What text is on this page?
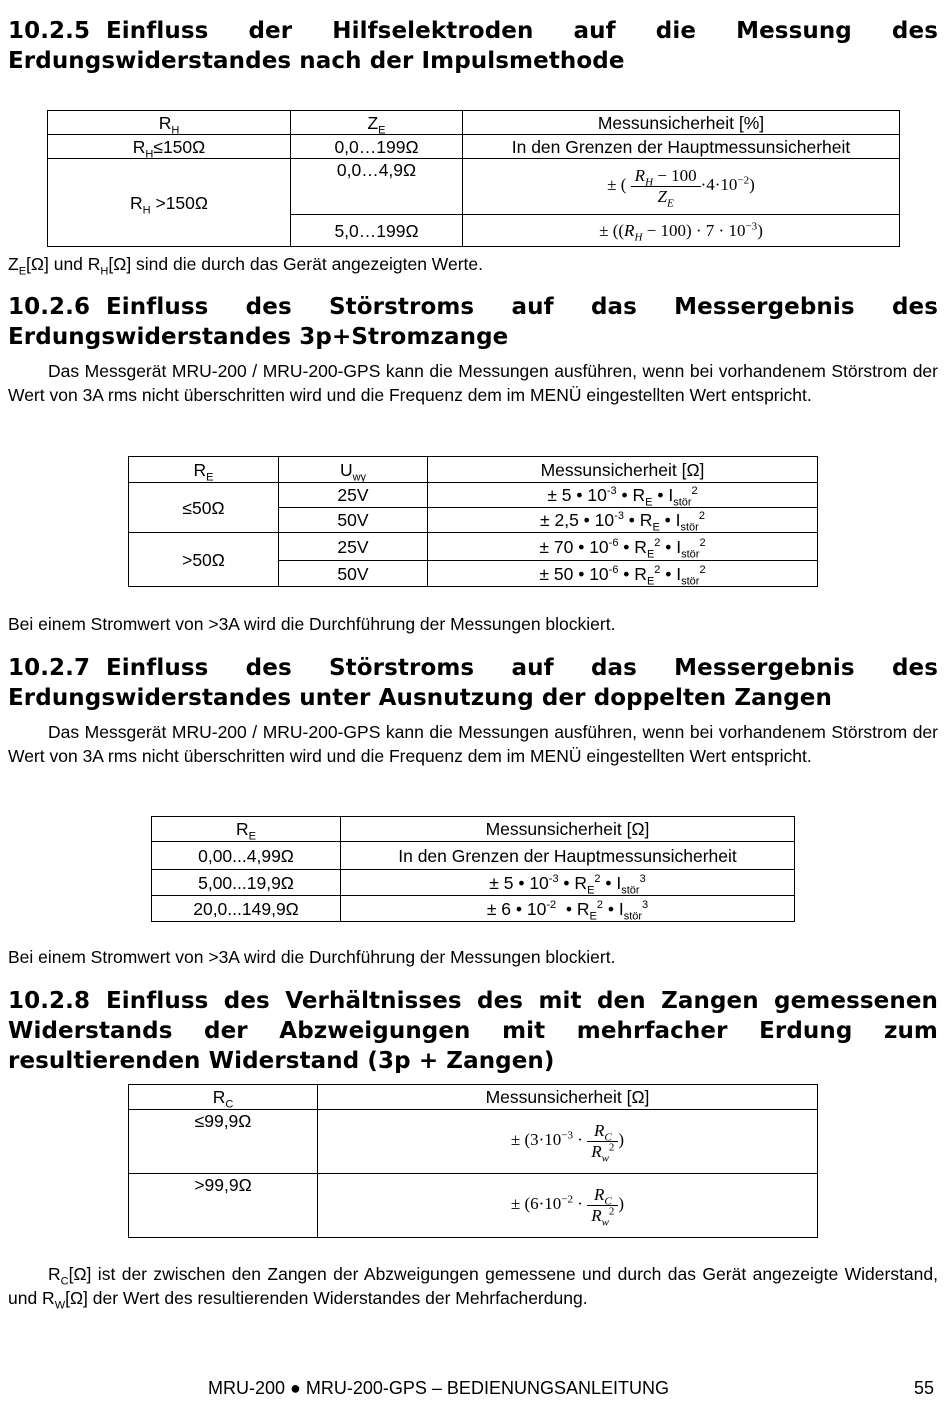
10.2.5 Einfluss der Hilfselektroden auf die Messung des Erdungswiderstandes nach der Impulsmethode
$R_H$	$Z_E$	Messunsicherheit [%]
$R_H\le 150\Omega$	0,0…199Ω	In den Grenzen der Hauptmessunsicherheit
$R_H >150\Omega$	0,0…4,9Ω	± ( $\frac{R_H - 100}{Z_E} \cdot 4\cdot 10^{-2}$)
	5,0…199Ω	± $((R_H - 100) \cdot 7 \cdot 10^{-3})$

$Z_E[\Omega]$ und $R_H[\Omega]$ sind die durch das Gerät angezeigten Werte.

10.2.6 Einfluss des Störstroms auf das Messergebnis des Erdungswiderstandes 3p+Stromzange

Das Messgerät MRU-200 / MRU-200-GPS kann die Messungen ausführen, wenn bei vorhandenem Störstrom der Wert von 3A rms nicht überschritten wird und die Frequenz dem im MENÜ eingestellten Wert entspricht.

$R_E$	$U_{wy}$	Messunsicherheit [Ω]
≤50Ω	25V	± 5 • $10^{-3}$ • $R_E$ • $I_{stör}^2$
	50V	± 2,5 • $10^{-3}$ • $R_E$ • $I_{stör}^2$
>50Ω	25V	± 70 • $10^{-6}$ • $R_E^2$ • $I_{stör}^2$
	50V	± 50 • $10^{-6}$ • $R_E^2$ • $I_{stör}^2$

Bei einem Stromwert von >3A wird die Durchführung der Messungen blockiert.

10.2.7 Einfluss des Störstroms auf das Messergebnis des Erdungswiderstandes unter Ausnutzung der doppelten Zangen

Das Messgerät MRU-200 / MRU-200-GPS kann die Messungen ausführen, wenn bei vorhandenem Störstrom der Wert von 3A rms nicht überschritten wird und die Frequenz dem im MENÜ eingestellten Wert entspricht.

$R_E$	Messunsicherheit [Ω]
0,00...4,99Ω	In den Grenzen der Hauptmessunsicherheit
5,00...19,9Ω	± 5 • $10^{-3}$ • $R_E^2$ • $I_{stör}^3$
20,0...149,9Ω	± 6 • $10^{-2}$  • $R_E^2$ • $I_{stör}^3$

Bei einem Stromwert von >3A wird die Durchführung der Messungen blockiert.

10.2.8 Einfluss des Verhältnisses des mit den Zangen gemessenen Widerstands der Abzweigungen mit mehrfacher Erdung zum resultierenden Widerstand (3p + Zangen)
$R_C$	Messunsicherheit [Ω]
≤99,9Ω	± ($3\cdot 10^{-3} \cdot \frac{R_C}{R_w^2}$ )
>99,9Ω	± ($6\cdot 10^{-2} \cdot \frac{R_C}{R_w^2}$ )

$R_C[\Omega]$ ist der zwischen den Zangen der Abzweigungen gemessene und durch das Gerät angezeigte Widerstand, und $R_W[\Omega]$ der Wert des resultierenden Widerstandes der Mehrfacherdung.

MRU-200 ● MRU-200-GPS – BEDIENUNGSANLEITUNG	55
